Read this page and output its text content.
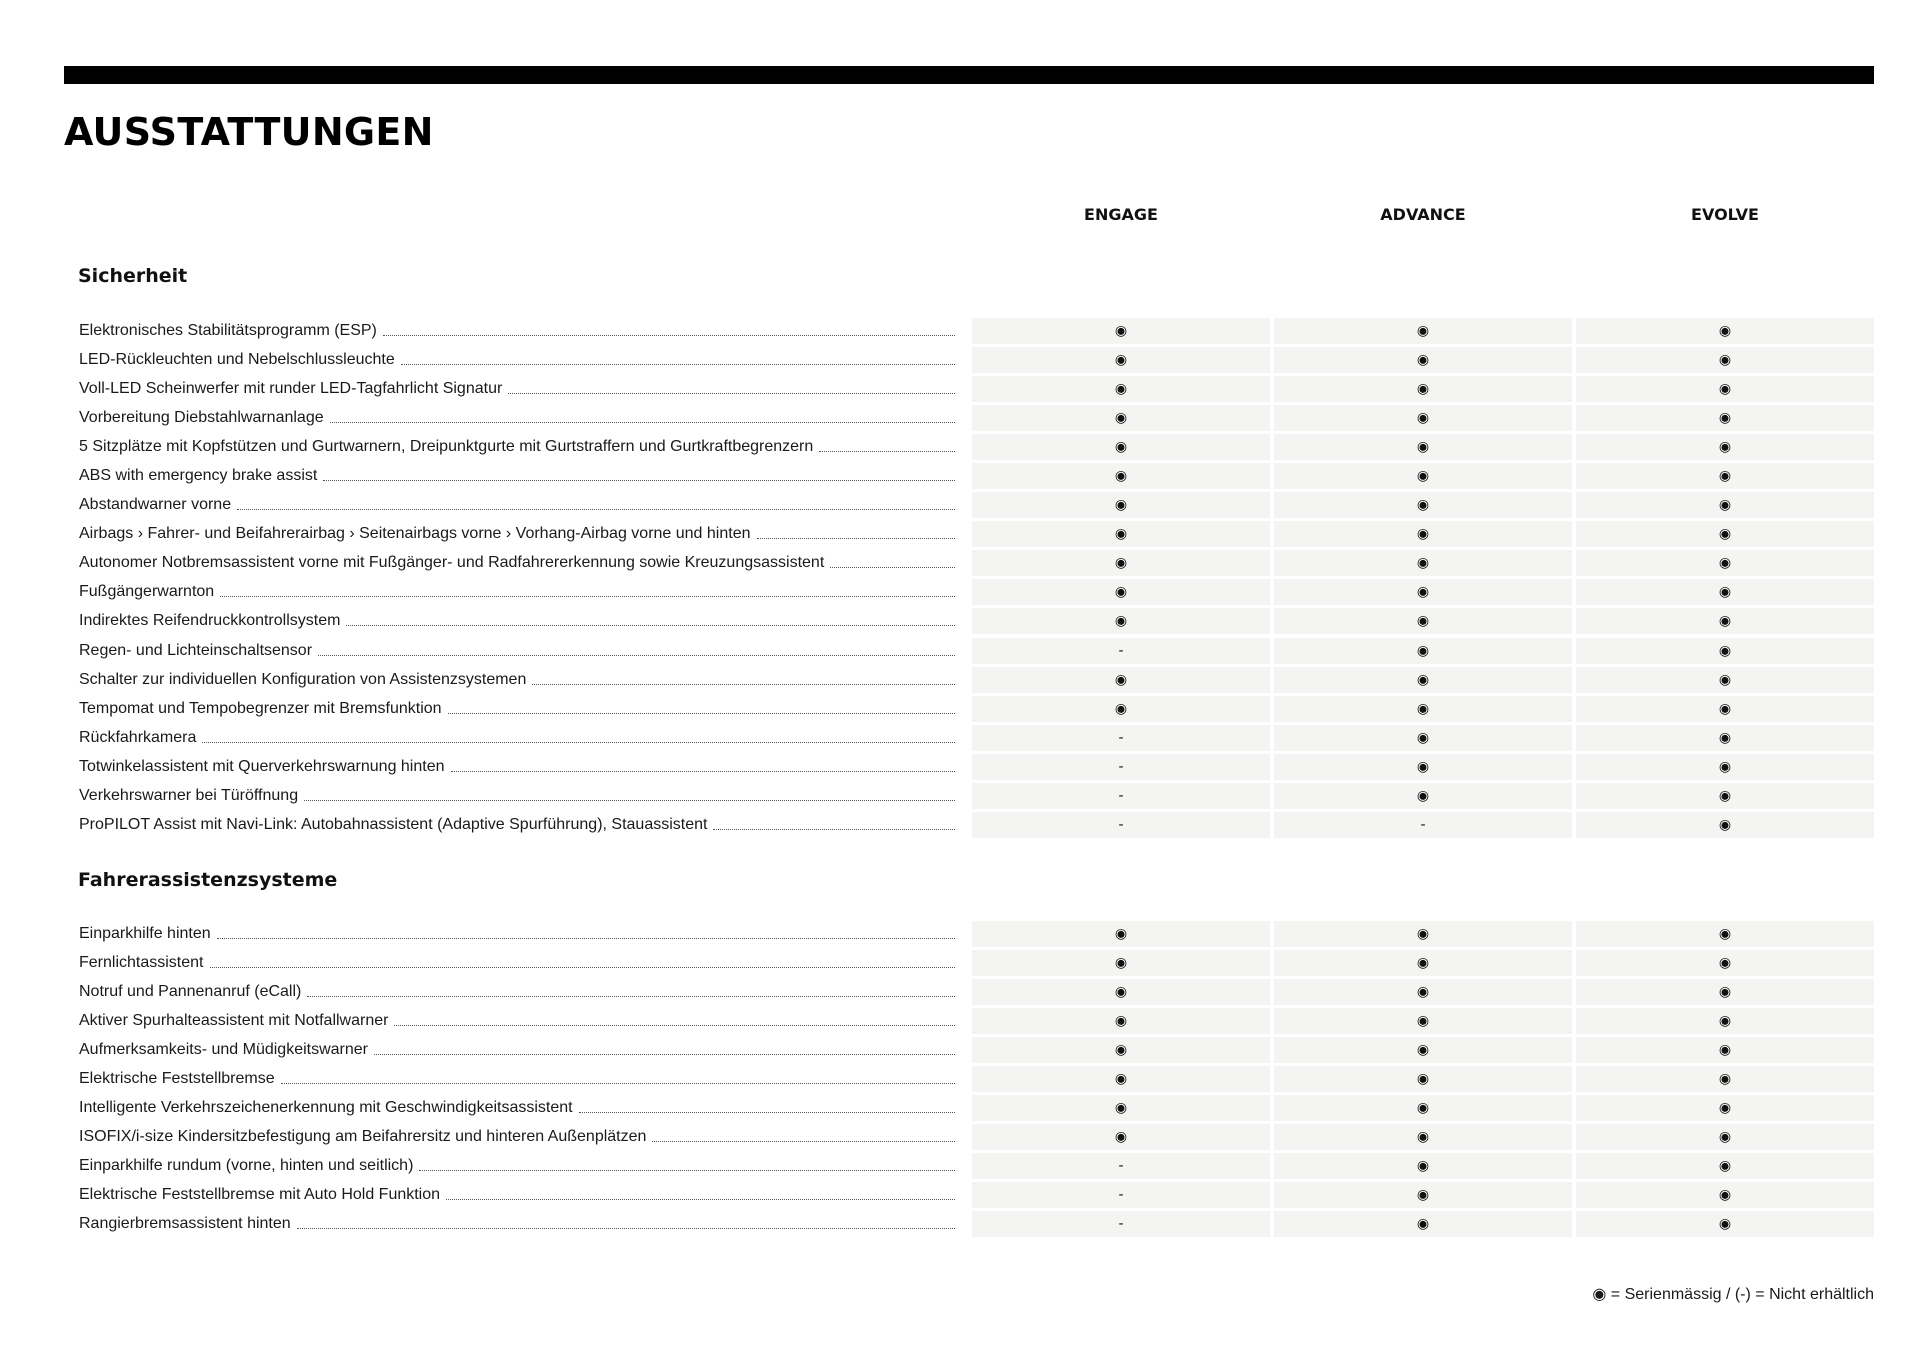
AUSSTATTUNGEN
ENGAGE	ADVANCE	EVOLVE
Sicherheit
Elektronisches Stabilitätsprogramm (ESP)	◉	◉	◉
LED-Rückleuchten und Nebelschlussleuchte	◉	◉	◉
Voll-LED Scheinwerfer mit runder LED-Tagfahrlicht Signatur	◉	◉	◉
Vorbereitung Diebstahlwarnanlage	◉	◉	◉
5 Sitzplätze mit Kopfstützen und Gurtwarnern, Dreipunktgurte mit Gurtstraffern und Gurtkraftbegrenzern	◉	◉	◉
ABS with emergency brake assist	◉	◉	◉
Abstandwarner vorne	◉	◉	◉
Airbags › Fahrer- und Beifahrerairbag › Seitenairbags vorne › Vorhang-Airbag vorne und hinten	◉	◉	◉
Autonomer Notbremsassistent vorne mit Fußgänger- und Radfahrererkennung sowie Kreuzungsassistent	◉	◉	◉
Fußgängerwarnton	◉	◉	◉
Indirektes Reifendruckkontrollsystem	◉	◉	◉
Regen- und Lichteinschaltsensor	-	◉	◉
Schalter zur individuellen Konfiguration von Assistenzsystemen	◉	◉	◉
Tempomat und Tempobegrenzer mit Bremsfunktion	◉	◉	◉
Rückfahrkamera	-	◉	◉
Totwinkelassistent mit Querverkehrswarnung hinten	-	◉	◉
Verkehrswarner bei Türöffnung	-	◉	◉
ProPILOT Assist mit Navi-Link: Autobahnassistent (Adaptive Spurführung), Stauassistent	-	-	◉
Fahrerassistenzsysteme
Einparkhilfe hinten	◉	◉	◉
Fernlichtassistent	◉	◉	◉
Notruf und Pannenanruf (eCall)	◉	◉	◉
Aktiver Spurhalteassistent mit Notfallwarner	◉	◉	◉
Aufmerksamkeits- und Müdigkeitswarner	◉	◉	◉
Elektrische Feststellbremse	◉	◉	◉
Intelligente Verkehrszeichenerkennung mit Geschwindigkeitsassistent	◉	◉	◉
ISOFIX/i-size Kindersitzbefestigung am Beifahrersitz und hinteren Außenplätzen	◉	◉	◉
Einparkhilfe rundum (vorne, hinten und seitlich)	-	◉	◉
Elektrische Feststellbremse mit Auto Hold Funktion	-	◉	◉
Rangierbremsassistent hinten	-	◉	◉
◉ = Serienmässig / (-) = Nicht erhältlich
